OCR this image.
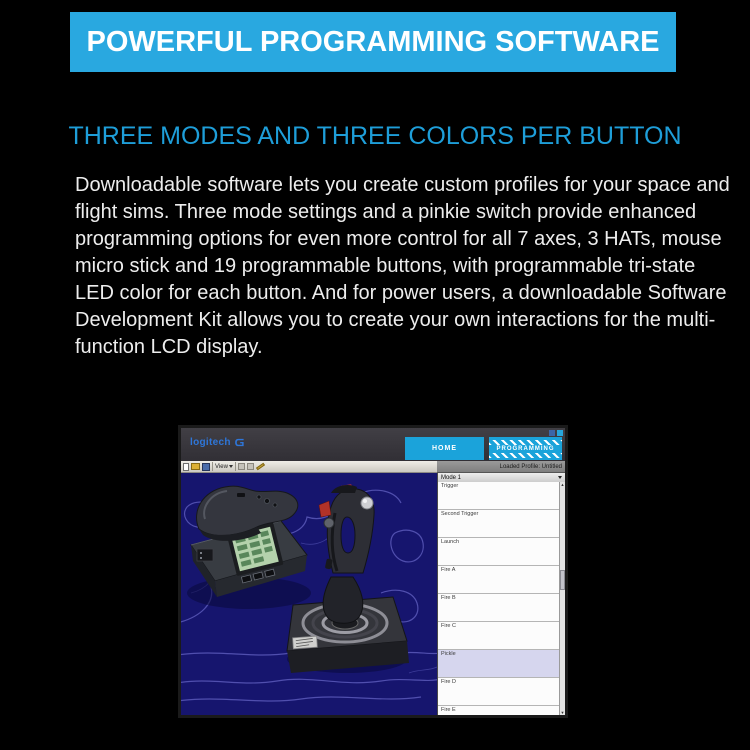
POWERFUL PROGRAMMING SOFTWARE
THREE MODES AND THREE COLORS PER BUTTON
Downloadable software lets you create custom profiles for your space and
flight sims. Three mode settings and a pinkie switch provide enhanced
programming options for even more control for all 7 axes, 3 HATs, mouse
micro stick and 19 programmable buttons, with programmable tri-state
LED color for each button. And for power users, a downloadable Software
Development Kit allows you to create your own interactions for the multi-
function LCD display.
logitech
HOME	PROGRAMMING
View	Loaded Profile: Untitled
Mode 1
Trigger
Second Trigger
Launch
Fire A
Fire B
Fire C
Pickle
Fire D
Fire E
▲
▼
